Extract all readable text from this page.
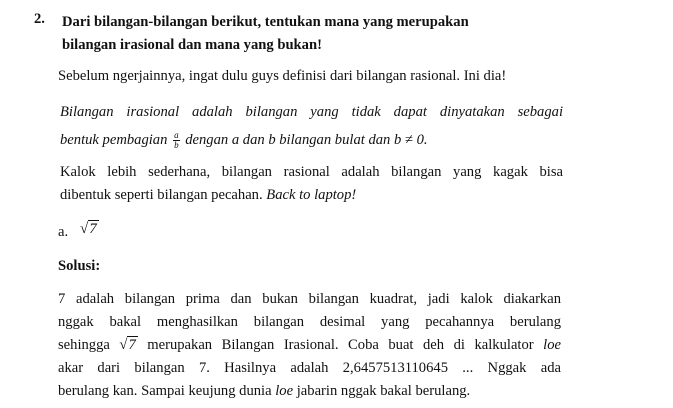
2. Dari bilangan-bilangan berikut, tentukan mana yang merupakan
bilangan irasional dan mana yang bukan!
Sebelum ngerjainnya, ingat dulu guys definisi dari bilangan rasional. Ini dia!
Bilangan irasional adalah bilangan yang tidak dapat dinyatakan sebagai
bentuk pembagian $\frac{a}{b}$ dengan a dan b bilangan bulat dan b ≠ 0.
Kalok lebih sederhana, bilangan rasional adalah bilangan yang kagak bisa
dibentuk seperti bilangan pecahan. Back to laptop!
a. √7
Solusi:
7 adalah bilangan prima dan bukan bilangan kuadrat, jadi kalok diakarkan
nggak bakal menghasilkan bilangan desimal yang pecahannya berulang
sehingga √7 merupakan Bilangan Irasional. Coba buat deh di kalkulator loe
akar dari bilangan 7. Hasilnya adalah 2,6457513110645 ... Nggak ada
berulang kan. Sampai keujung dunia loe jabarin nggak bakal berulang.
